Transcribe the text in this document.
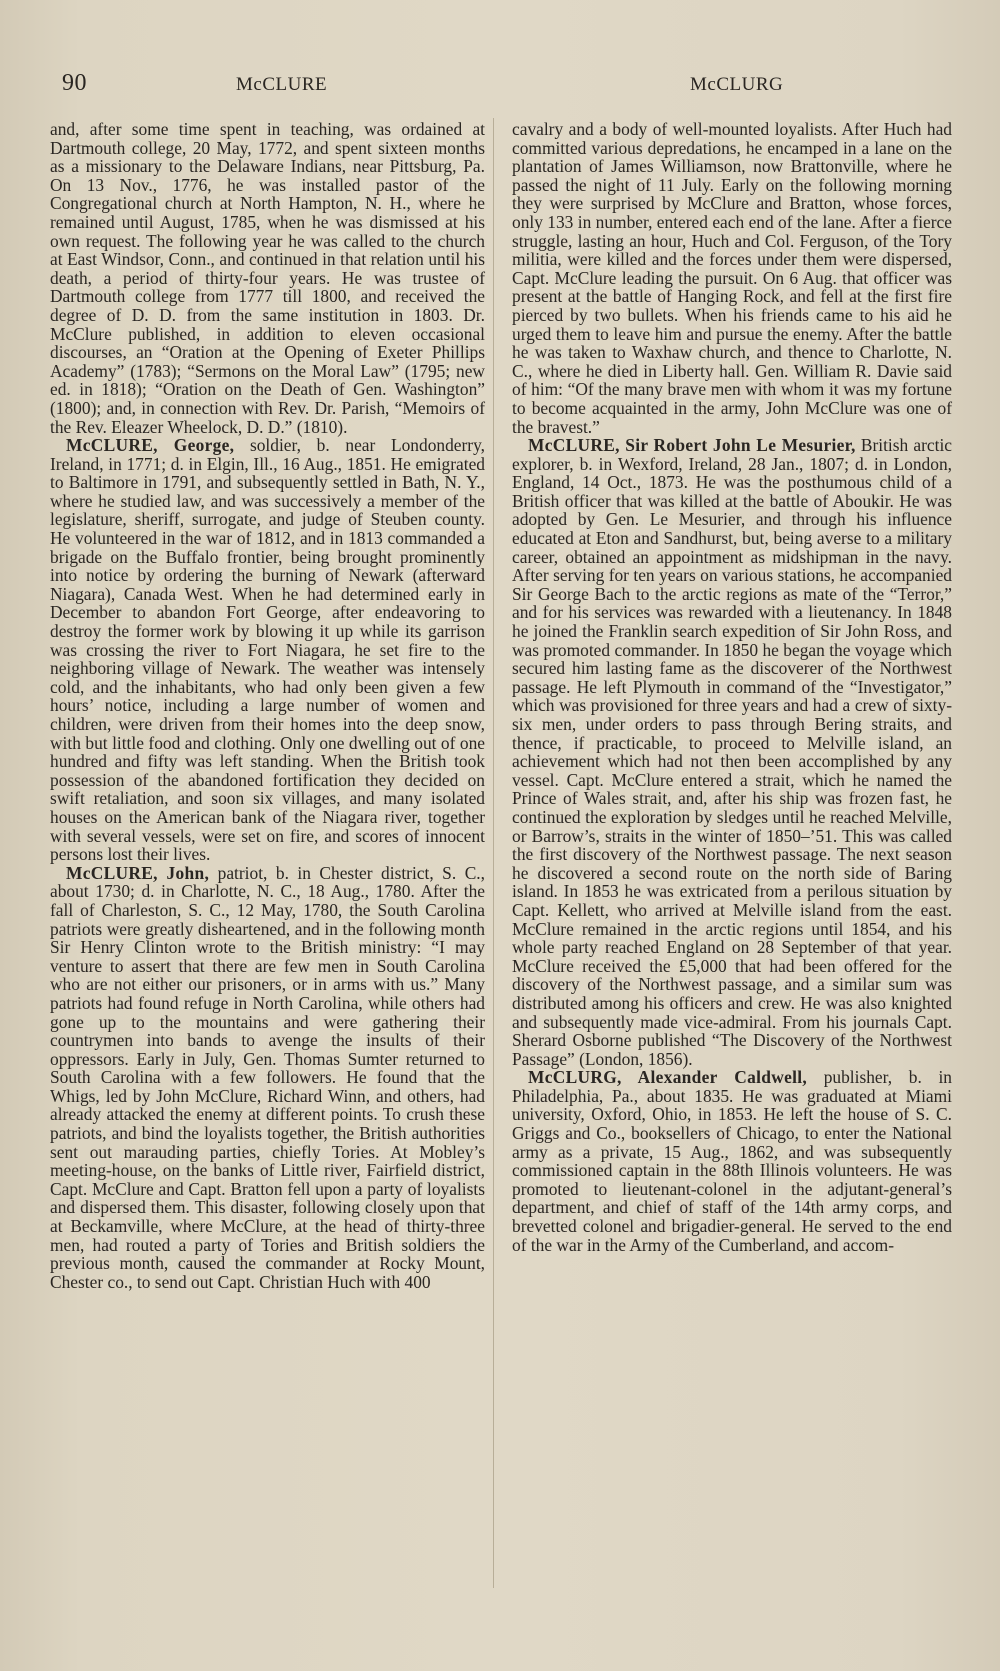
90	McCLURE	McCLURG

and, after some time spent in teaching, was ordained at Dartmouth college, 20 May, 1772, and spent sixteen months as a missionary to the Delaware Indians, near Pittsburg, Pa. On 13 Nov., 1776, he was installed pastor of the Congregational church at North Hampton, N. H., where he remained until August, 1785, when he was dismissed at his own request. The following year he was called to the church at East Windsor, Conn., and continued in that relation until his death, a period of thirty-four years. He was trustee of Dartmouth college from 1777 till 1800, and received the degree of D. D. from the same institution in 1803. Dr. McClure published, in addition to eleven occasional discourses, an “Oration at the Opening of Exeter Phillips Academy” (1783); “Sermons on the Moral Law” (1795; new ed. in 1818); “Oration on the Death of Gen. Washington” (1800); and, in connection with Rev. Dr. Parish, “Memoirs of the Rev. Eleazer Wheelock, D. D.” (1810).

McCLURE, George, soldier, b. near Londonderry, Ireland, in 1771; d. in Elgin, Ill., 16 Aug., 1851. He emigrated to Baltimore in 1791, and subsequently settled in Bath, N. Y., where he studied law, and was successively a member of the legislature, sheriff, surrogate, and judge of Steuben county. He volunteered in the war of 1812, and in 1813 commanded a brigade on the Buffalo frontier, being brought prominently into notice by ordering the burning of Newark (afterward Niagara), Canada West. When he had determined early in December to abandon Fort George, after endeavoring to destroy the former work by blowing it up while its garrison was crossing the river to Fort Niagara, he set fire to the neighboring village of Newark. The weather was intensely cold, and the inhabitants, who had only been given a few hours’ notice, including a large number of women and children, were driven from their homes into the deep snow, with but little food and clothing. Only one dwelling out of one hundred and fifty was left standing. When the British took possession of the abandoned fortification they decided on swift retaliation, and soon six villages, and many isolated houses on the American bank of the Niagara river, together with several vessels, were set on fire, and scores of innocent persons lost their lives.

McCLURE, John, patriot, b. in Chester district, S. C., about 1730; d. in Charlotte, N. C., 18 Aug., 1780. After the fall of Charleston, S. C., 12 May, 1780, the South Carolina patriots were greatly disheartened, and in the following month Sir Henry Clinton wrote to the British ministry: “I may venture to assert that there are few men in South Carolina who are not either our prisoners, or in arms with us.” Many patriots had found refuge in North Carolina, while others had gone up to the mountains and were gathering their countrymen into bands to avenge the insults of their oppressors. Early in July, Gen. Thomas Sumter returned to South Carolina with a few followers. He found that the Whigs, led by John McClure, Richard Winn, and others, had already attacked the enemy at different points. To crush these patriots, and bind the loyalists together, the British authorities sent out marauding parties, chiefly Tories. At Mobley’s meeting-house, on the banks of Little river, Fairfield district, Capt. McClure and Capt. Bratton fell upon a party of loyalists and dispersed them. This disaster, following closely upon that at Beckamville, where McClure, at the head of thirty-three men, had routed a party of Tories and British soldiers the previous month, caused the commander at Rocky Mount, Chester co., to send out Capt. Christian Huch with 400

cavalry and a body of well-mounted loyalists. After Huch had committed various depredations, he encamped in a lane on the plantation of James Williamson, now Brattonville, where he passed the night of 11 July. Early on the following morning they were surprised by McClure and Bratton, whose forces, only 133 in number, entered each end of the lane. After a fierce struggle, lasting an hour, Huch and Col. Ferguson, of the Tory militia, were killed and the forces under them were dispersed, Capt. McClure leading the pursuit. On 6 Aug. that officer was present at the battle of Hanging Rock, and fell at the first fire pierced by two bullets. When his friends came to his aid he urged them to leave him and pursue the enemy. After the battle he was taken to Waxhaw church, and thence to Charlotte, N. C., where he died in Liberty hall. Gen. William R. Davie said of him: “Of the many brave men with whom it was my fortune to become acquainted in the army, John McClure was one of the bravest.”

McCLURE, Sir Robert John Le Mesurier, British arctic explorer, b. in Wexford, Ireland, 28 Jan., 1807; d. in London, England, 14 Oct., 1873. He was the posthumous child of a British officer that was killed at the battle of Aboukir. He was adopted by Gen. Le Mesurier, and through his influence educated at Eton and Sandhurst, but, being averse to a military career, obtained an appointment as midshipman in the navy. After serving for ten years on various stations, he accompanied Sir George Bach to the arctic regions as mate of the “Terror,” and for his services was rewarded with a lieutenancy. In 1848 he joined the Franklin search expedition of Sir John Ross, and was promoted commander. In 1850 he began the voyage which secured him lasting fame as the discoverer of the Northwest passage. He left Plymouth in command of the “Investigator,” which was provisioned for three years and had a crew of sixty-six men, under orders to pass through Bering straits, and thence, if practicable, to proceed to Melville island, an achievement which had not then been accomplished by any vessel. Capt. McClure entered a strait, which he named the Prince of Wales strait, and, after his ship was frozen fast, he continued the exploration by sledges until he reached Melville, or Barrow’s, straits in the winter of 1850–’51. This was called the first discovery of the Northwest passage. The next season he discovered a second route on the north side of Baring island. In 1853 he was extricated from a perilous situation by Capt. Kellett, who arrived at Melville island from the east. McClure remained in the arctic regions until 1854, and his whole party reached England on 28 September of that year. McClure received the £5,000 that had been offered for the discovery of the Northwest passage, and a similar sum was distributed among his officers and crew. He was also knighted and subsequently made vice-admiral. From his journals Capt. Sherard Osborne published “The Discovery of the Northwest Passage” (London, 1856).

McCLURG, Alexander Caldwell, publisher, b. in Philadelphia, Pa., about 1835. He was graduated at Miami university, Oxford, Ohio, in 1853. He left the house of S. C. Griggs and Co., booksellers of Chicago, to enter the National army as a private, 15 Aug., 1862, and was subsequently commissioned captain in the 88th Illinois volunteers. He was promoted to lieutenant-colonel in the adjutant-general’s department, and chief of staff of the 14th army corps, and brevetted colonel and brigadier-general. He served to the end of the war in the Army of the Cumberland, and accom-
